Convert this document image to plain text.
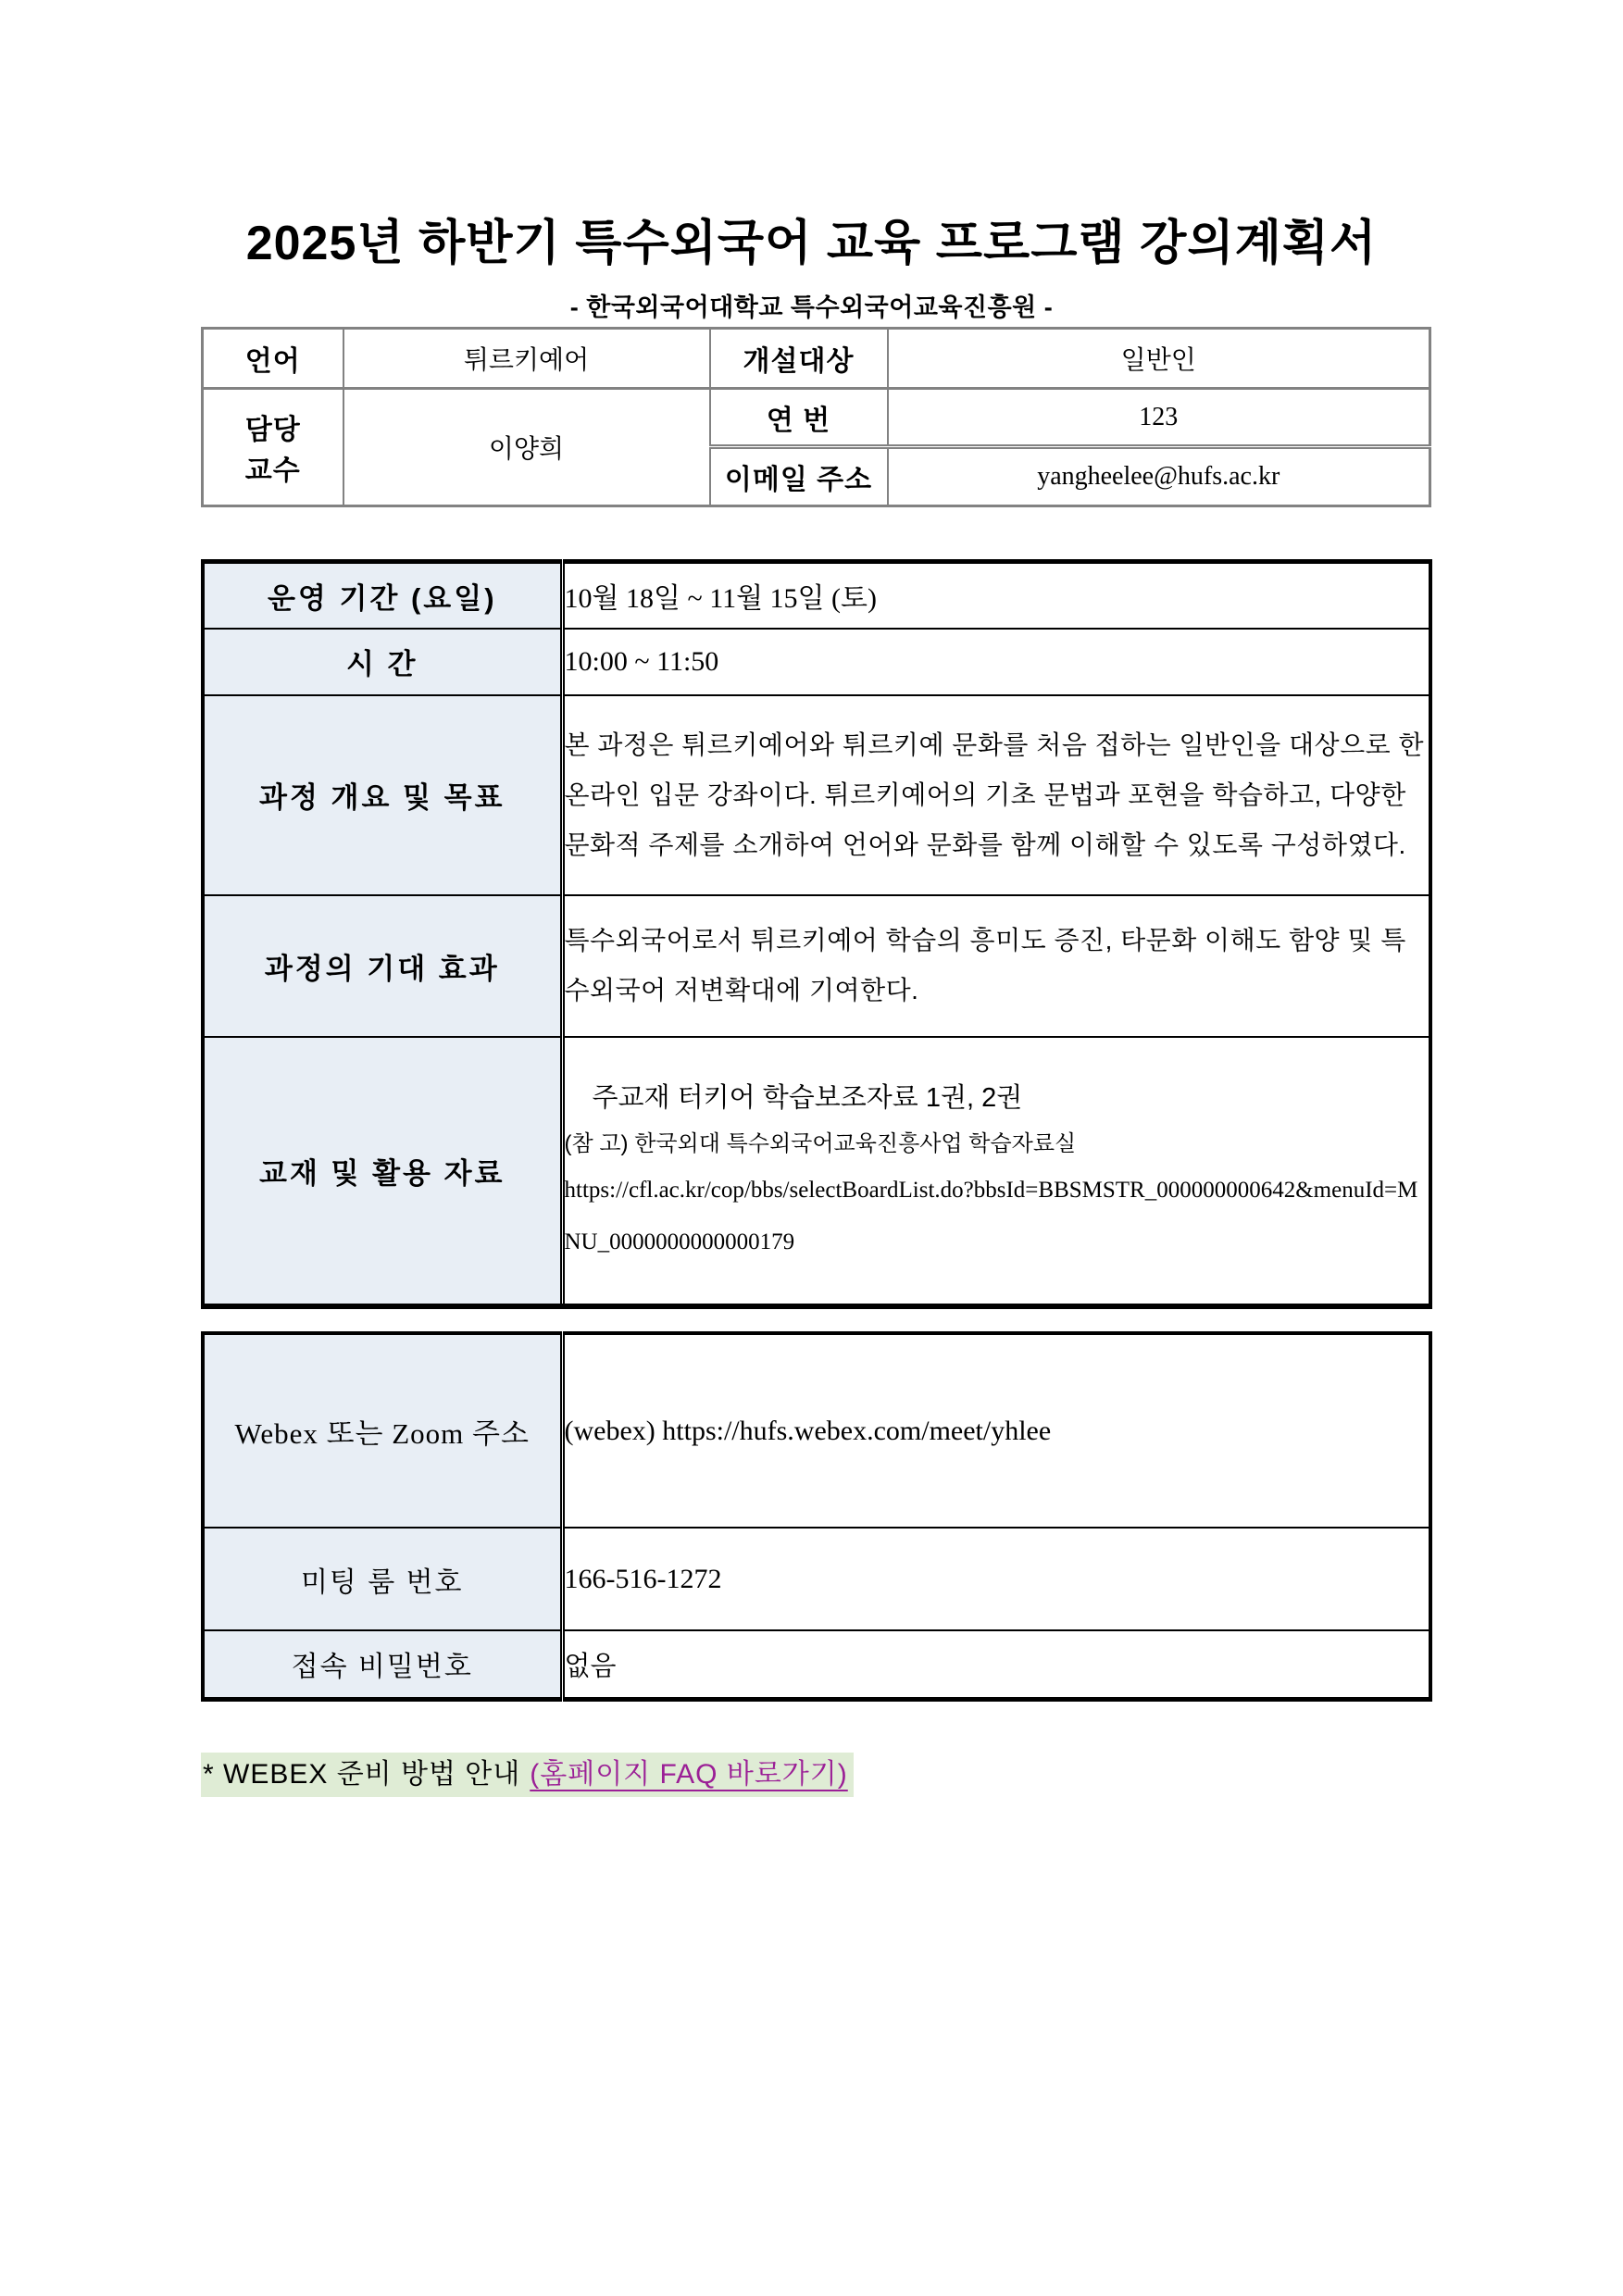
2025년 하반기 특수외국어 교육 프로그램 강의계획서
- 한국외국어대학교 특수외국어교육진흥원 -
언어	튀르키예어	개설대상	일반인

담당
교수	이양희	연 번	123
		이메일 주소	yangheelee@hufs.ac.kr
운영 기간 (요일)	10월 18일 ~ 11월 15일 (토)
시 간	10:00 ~ 11:50
과정 개요 및 목표	본 과정은 튀르키예어와 튀르키예 문화를 처음 접하는 일반인을 대상으로 한 온라인 입문 강좌이다. 튀르키예어의 기초 문법과 포현을 학습하고, 다양한 문화적 주제를 소개하여 언어와 문화를 함께 이해할 수 있도록 구성하였다.
과정의 기대 효과	특수외국어로서 튀르키예어 학습의 흥미도 증진, 타문화 이해도 함양 및 특수외국어 저변확대에 기여한다.
교재 및 활용 자료	주교재 터키어 학습보조자료 1권, 2권
(참 고) 한국외대 특수외국어교육진흥사업 학습자료실
https://cfl.ac.kr/cop/bbs/selectBoardList.do?bbsId=BBSMSTR_000000000642&menuId=MNU_0000000000000179
Webex 또는 Zoom 주소	(webex) https://hufs.webex.com/meet/yhlee
미팅 룸 번호	166-516-1272
접속 비밀번호	없음
* WEBEX 준비 방법 안내 (홈페이지 FAQ 바로가기)
